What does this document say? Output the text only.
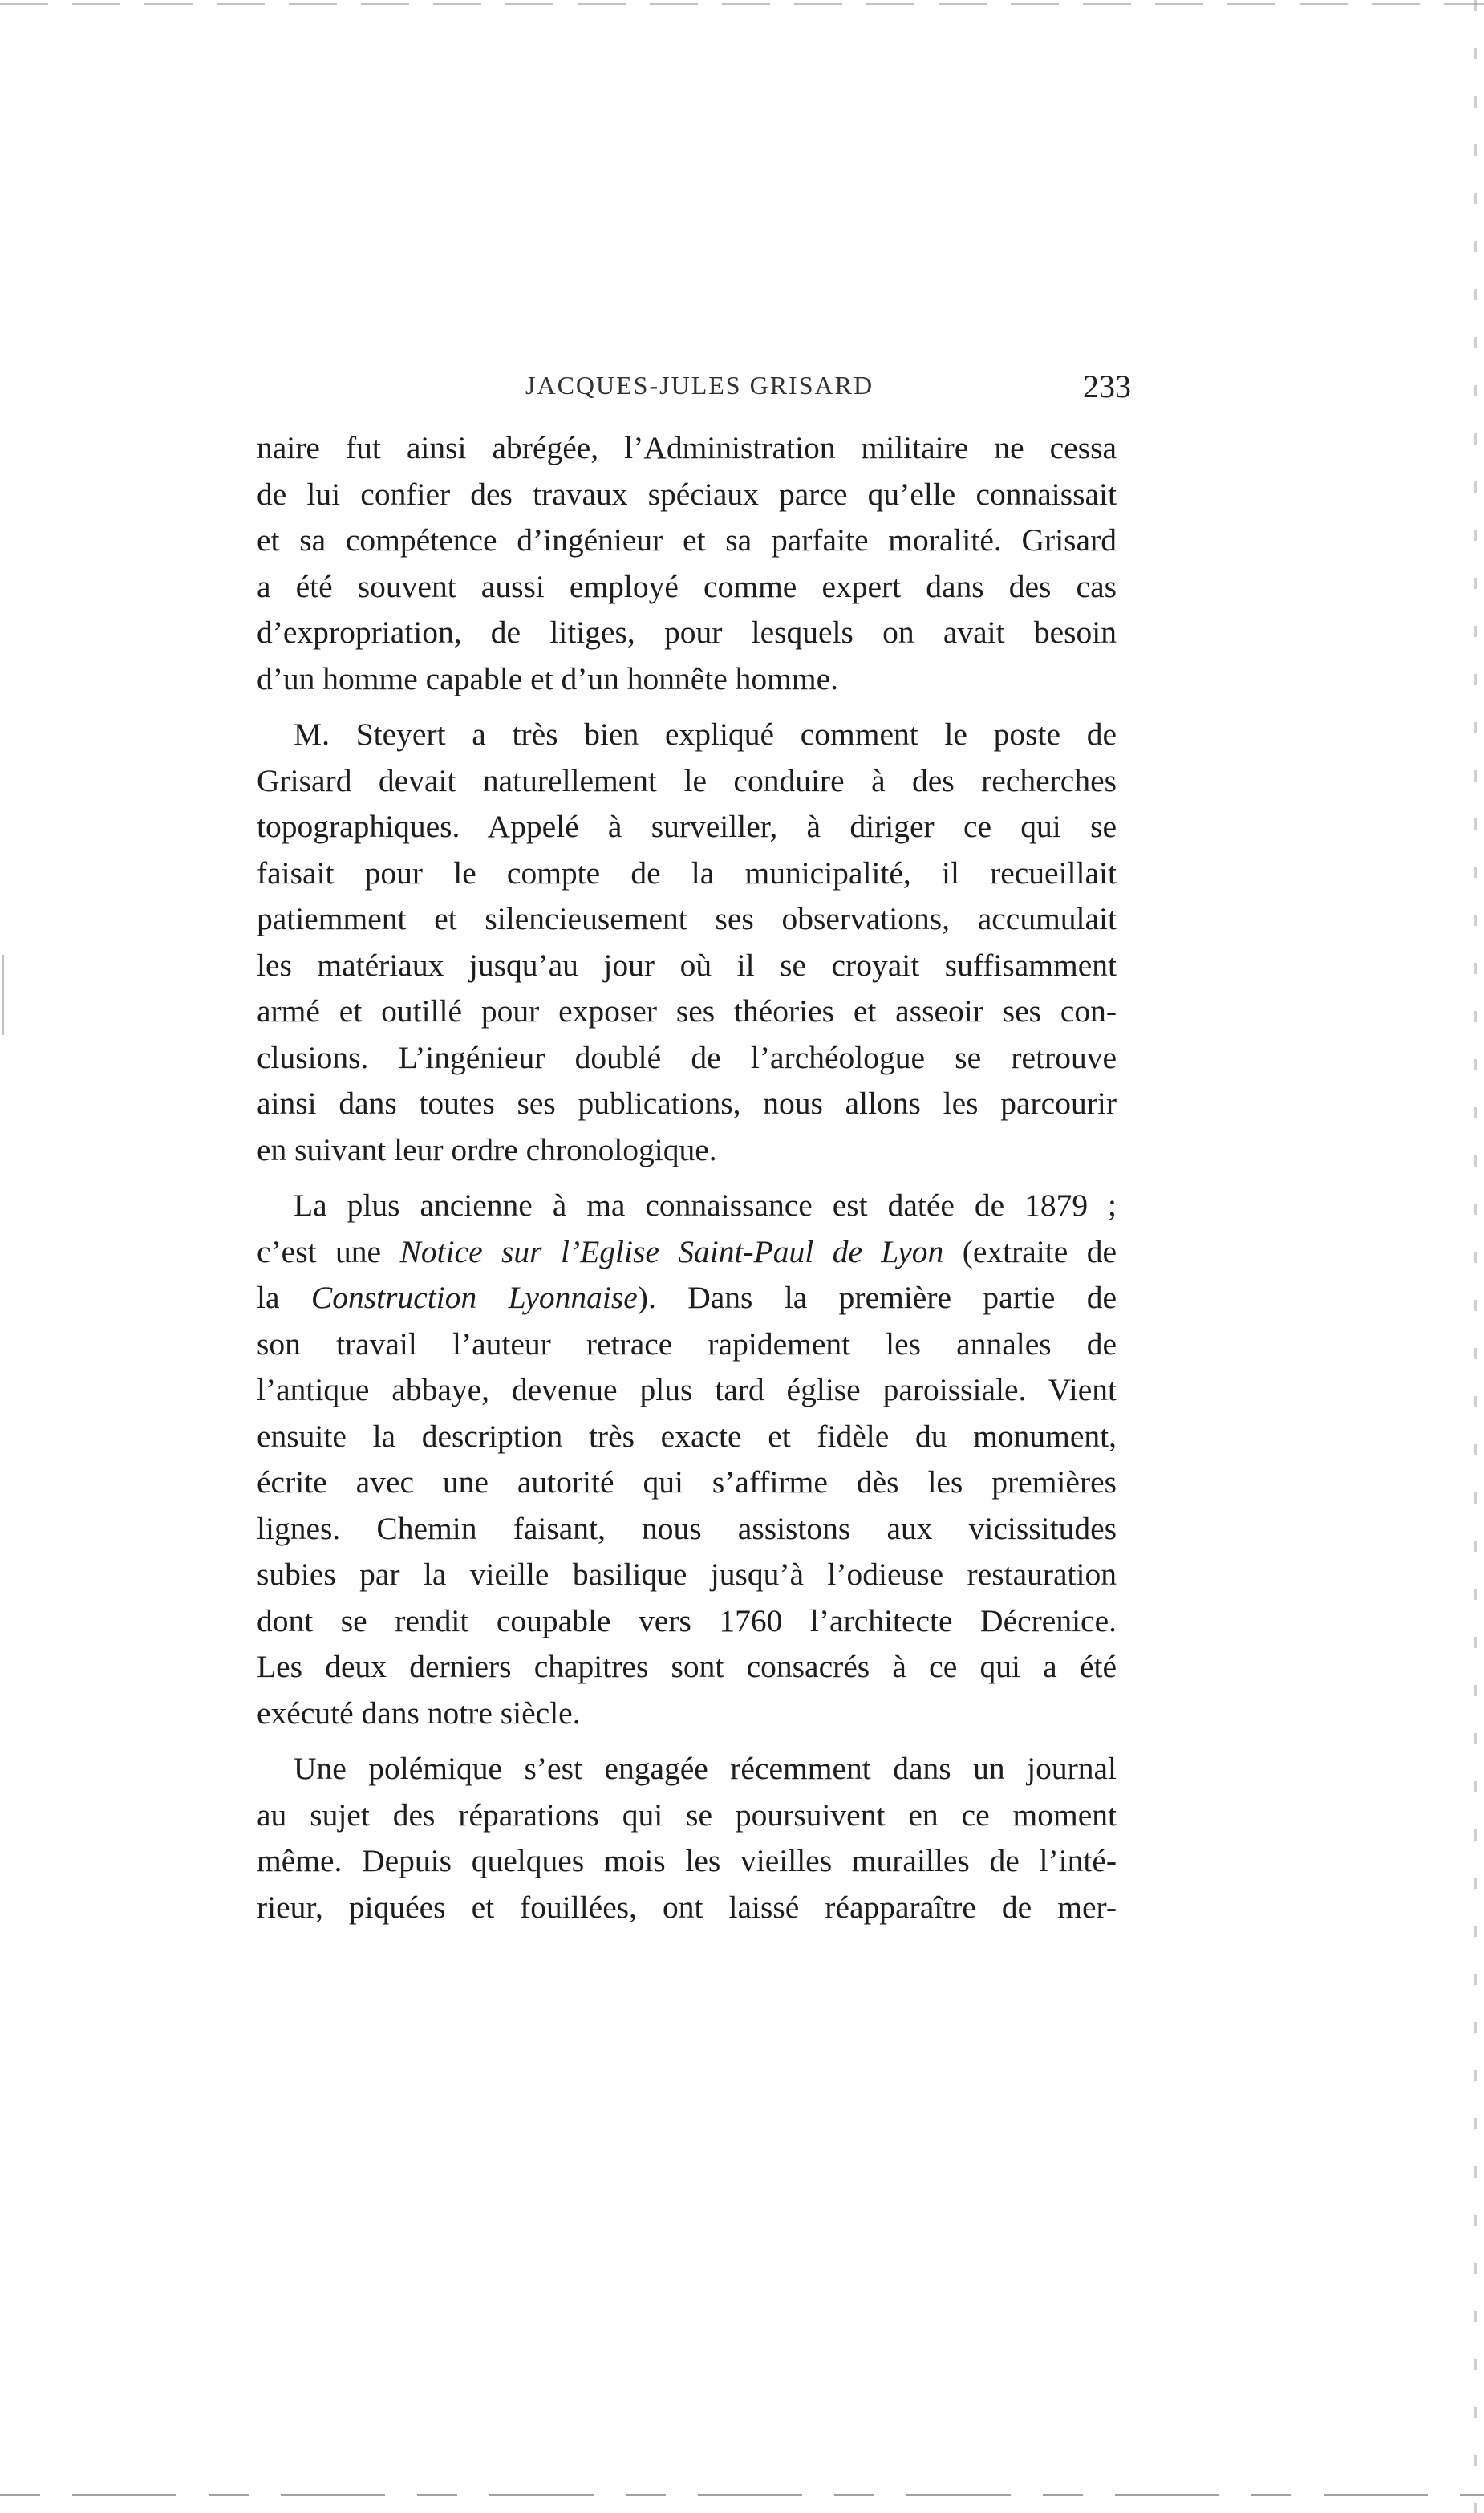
JACQUES-JULES GRISARD	233

naire fut ainsi abrégée, l’Administration militaire ne cessa
de lui confier des travaux spéciaux parce qu’elle connaissait
et sa compétence d’ingénieur et sa parfaite moralité. Grisard
a été souvent aussi employé comme expert dans des cas
d’expropriation, de litiges, pour lesquels on avait besoin
d’un homme capable et d’un honnête homme.

M. Steyert a très bien expliqué comment le poste de
Grisard devait naturellement le conduire à des recherches
topographiques. Appelé à surveiller, à diriger ce qui se
faisait pour le compte de la municipalité, il recueillait
patiemment et silencieusement ses observations, accumulait
les matériaux jusqu’au jour où il se croyait suffisamment
armé et outillé pour exposer ses théories et asseoir ses con-
clusions. L’ingénieur doublé de l’archéologue se retrouve
ainsi dans toutes ses publications, nous allons les parcourir
en suivant leur ordre chronologique.

La plus ancienne à ma connaissance est datée de 1879 ;
c’est une Notice sur l’Eglise Saint-Paul de Lyon (extraite de
la Construction Lyonnaise). Dans la première partie de
son travail l’auteur retrace rapidement les annales de
l’antique abbaye, devenue plus tard église paroissiale. Vient
ensuite la description très exacte et fidèle du monument,
écrite avec une autorité qui s’affirme dès les premières
lignes. Chemin faisant, nous assistons aux vicissitudes
subies par la vieille basilique jusqu’à l’odieuse restauration
dont se rendit coupable vers 1760 l’architecte Décrenice.
Les deux derniers chapitres sont consacrés à ce qui a été
exécuté dans notre siècle.

Une polémique s’est engagée récemment dans un journal
au sujet des réparations qui se poursuivent en ce moment
même. Depuis quelques mois les vieilles murailles de l’inté-
rieur, piquées et fouillées, ont laissé réapparaître de mer-
